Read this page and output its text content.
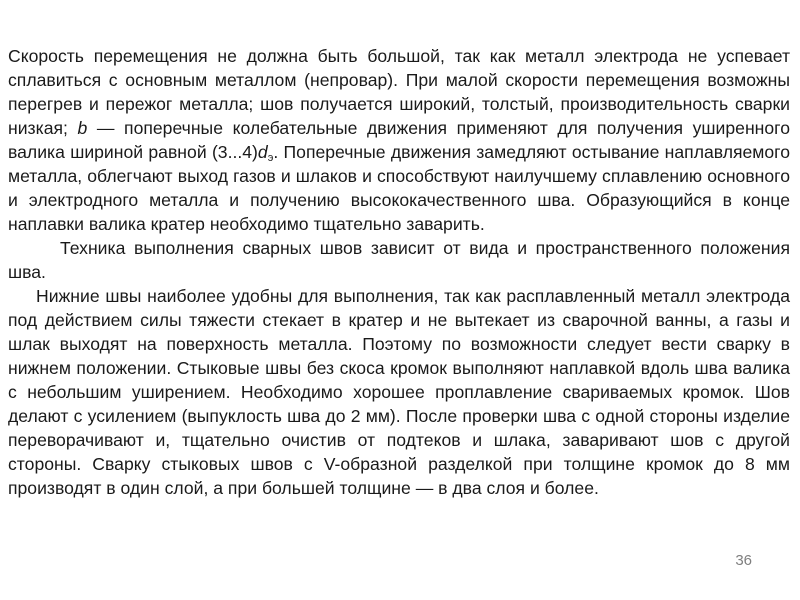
Скорость перемещения не должна быть большой, так как металл электрода не успевает сплавиться с основным металлом (непровар). При малой скорости перемещения возможны перегрев и пережог металла; шов получается широкий, толстый, производительность сварки низкая; b — поперечные колебательные движения применяют для получения уширенного валика шириной равной $(3...4)d_э$. Поперечные движения замедляют остывание наплавляемого металла, облегчают выход газов и шлаков и способствуют наилучшему сплавлению основного и электродного металла и получению высококачественного шва. Образующийся в конце наплавки валика кратер необходимо тщательно заварить.

Техника выполнения сварных швов зависит от вида и пространственного положения шва.

Нижние швы наиболее удобны для выполнения, так как расплавленный металл электрода под действием силы тяжести стекает в кратер и не вытекает из сварочной ванны, а газы и шлак выходят на поверхность металла. Поэтому по возможности следует вести сварку в нижнем положении. Стыковые швы без скоса кромок выполняют наплавкой вдоль шва валика с небольшим уширением. Необходимо хорошее проплавление свариваемых кромок. Шов делают с усилением (выпуклость шва до 2 мм). После проверки шва с одной стороны изделие переворачивают и, тщательно очистив от подтеков и шлака, заваривают шов с другой стороны. Сварку стыковых швов с V-образной разделкой при толщине кромок до 8 мм производят в один слой, а при большей толщине — в два слоя и более.

36
